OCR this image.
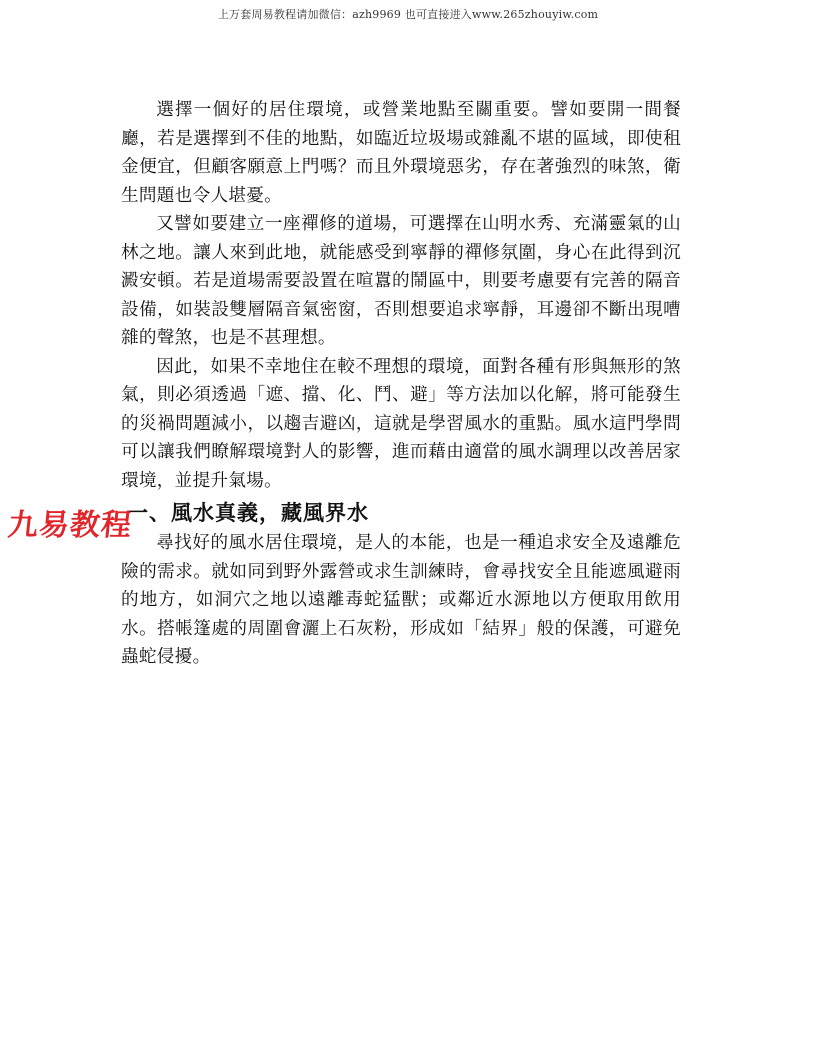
上万套周易教程请加微信：azh9969 也可直接进入www.265zhouyiw.com

選擇一個好的居住環境，或營業地點至關重要。譬如要開一間餐廳，若是選擇到不佳的地點，如臨近垃圾場或雜亂不堪的區域，即使租金便宜，但顧客願意上門嗎？而且外環境惡劣，存在著強烈的味煞，衛生問題也令人堪憂。

又譬如要建立一座禪修的道場，可選擇在山明水秀、充滿靈氣的山林之地。讓人來到此地，就能感受到寧靜的禪修氛圍，身心在此得到沉澱安頓。若是道場需要設置在喧囂的鬧區中，則要考慮要有完善的隔音設備，如裝設雙層隔音氣密窗，否則想要追求寧靜，耳邊卻不斷出現嘈雜的聲煞，也是不甚理想。

因此，如果不幸地住在較不理想的環境，面對各種有形與無形的煞氣，則必須透過「遮、擋、化、鬥、避」等方法加以化解，將可能發生的災禍問題減小，以趨吉避凶，這就是學習風水的重點。風水這門學問可以讓我們瞭解環境對人的影響，進而藉由適當的風水調理以改善居家環境，並提升氣場。

一、風水真義，藏風界水

尋找好的風水居住環境，是人的本能，也是一種追求安全及遠離危險的需求。就如同到野外露營或求生訓練時，會尋找安全且能遮風避雨的地方，如洞穴之地以遠離毒蛇猛獸；或鄰近水源地以方便取用飲用水。搭帳篷處的周圍會灑上石灰粉，形成如「結界」般的保護，可避免蟲蛇侵擾。

九易教程
